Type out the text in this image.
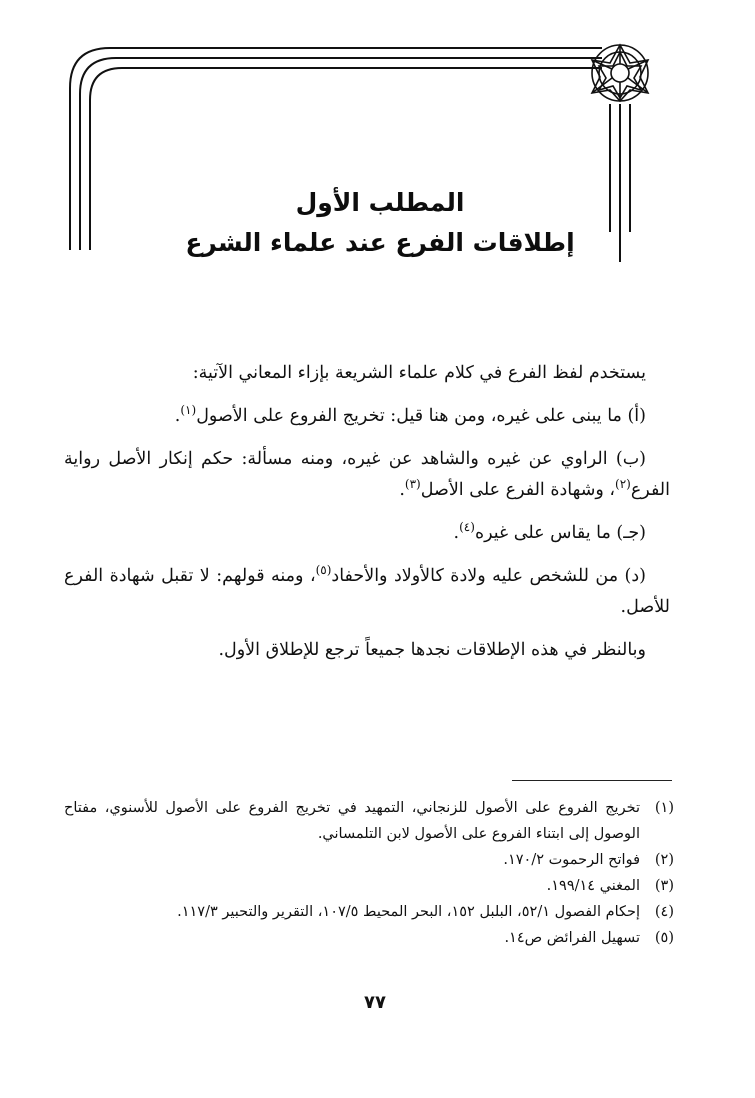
المطلب الأول
إطلاقات الفرع عند علماء الشرع

يستخدم لفظ الفرع في كلام علماء الشريعة بإزاء المعاني الآتية:

(أ) ما يبنى على غيره، ومن هنا قيل: تخريج الفروع على الأصول$^{(١)}$.

(ب) الراوي عن غيره والشاهد عن غيره، ومنه مسألة: حكم إنكار الأصل رواية الفرع$^{(٢)}$، وشهادة الفرع على الأصل$^{(٣)}$.

(جـ) ما يقاس على غيره$^{(٤)}$.

(د) من للشخص عليه ولادة كالأولاد والأحفاد$^{(٥)}$، ومنه قولهم: لا تقبل شهادة الفرع للأصل.

وبالنظر في هذه الإطلاقات نجدها جميعاً ترجع للإطلاق الأول.

(١)
تخريج الفروع على الأصول للزنجاني، التمهيد في تخريج الفروع على الأصول للأسنوي، مفتاح الوصول إلى ابتناء الفروع على الأصول لابن التلمساني.
(٢)
فواتح الرحموت ١٧٠/٢.
(٣)
المغني ١٩٩/١٤.
(٤)
إحكام الفصول ٥٢/١، البلبل ١٥٢، البحر المحيط ١٠٧/٥، التقرير والتحبير ١١٧/٣.
(٥)
تسهيل الفرائض ص١٤.
٧٧
